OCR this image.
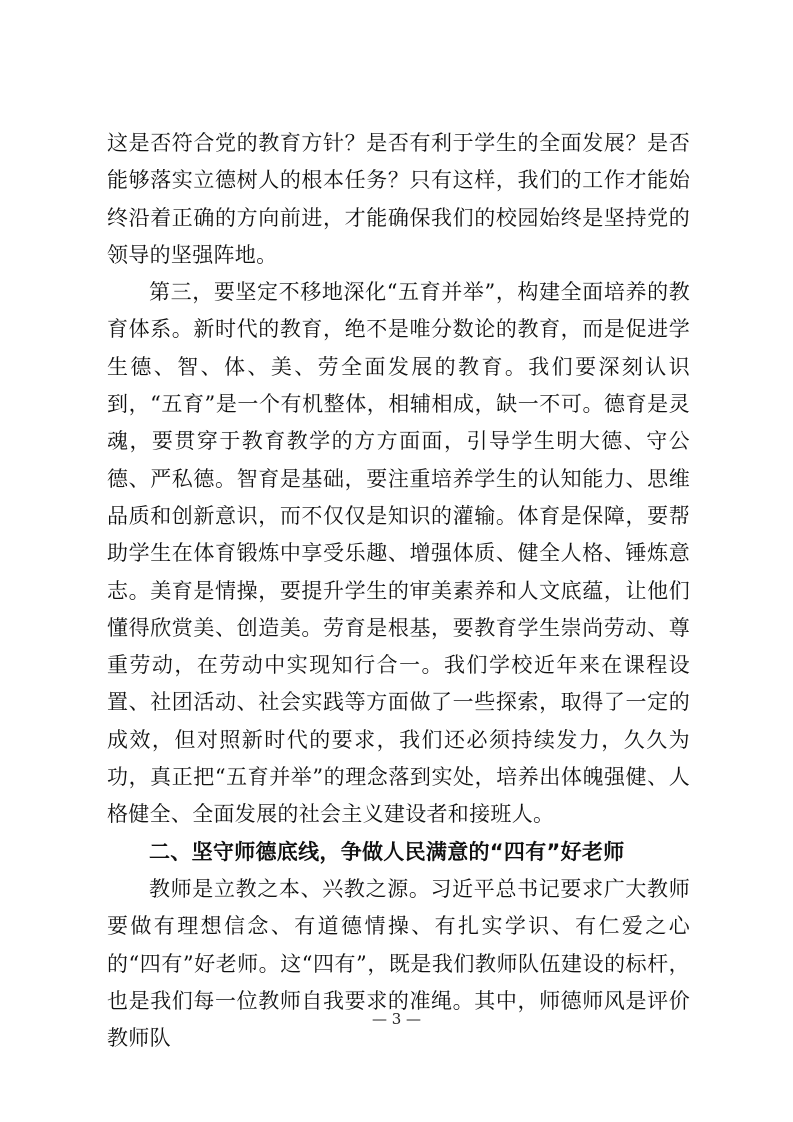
这是否符合党的教育方针？是否有利于学生的全面发展？是否能够落实立德树人的根本任务？只有这样，我们的工作才能始终沿着正确的方向前进，才能确保我们的校园始终是坚持党的领导的坚强阵地。

第三，要坚定不移地深化“五育并举”，构建全面培养的教育体系。新时代的教育，绝不是唯分数论的教育，而是促进学生德、智、体、美、劳全面发展的教育。我们要深刻认识到，“五育”是一个有机整体，相辅相成，缺一不可。德育是灵魂，要贯穿于教育教学的方方面面，引导学生明大德、守公德、严私德。智育是基础，要注重培养学生的认知能力、思维品质和创新意识，而不仅仅是知识的灌输。体育是保障，要帮助学生在体育锻炼中享受乐趣、增强体质、健全人格、锤炼意志。美育是情操，要提升学生的审美素养和人文底蕴，让他们懂得欣赏美、创造美。劳育是根基，要教育学生崇尚劳动、尊重劳动，在劳动中实现知行合一。我们学校近年来在课程设置、社团活动、社会实践等方面做了一些探索，取得了一定的成效，但对照新时代的要求，我们还必须持续发力，久久为功，真正把“五育并举”的理念落到实处，培养出体魄强健、人格健全、全面发展的社会主义建设者和接班人。

二、坚守师德底线，争做人民满意的“四有”好老师

教师是立教之本、兴教之源。习近平总书记要求广大教师要做有理想信念、有道德情操、有扎实学识、有仁爱之心的“四有”好老师。这“四有”，既是我们教师队伍建设的标杆，也是我们每一位教师自我要求的准绳。其中，师德师风是评价教师队

— 3 —
